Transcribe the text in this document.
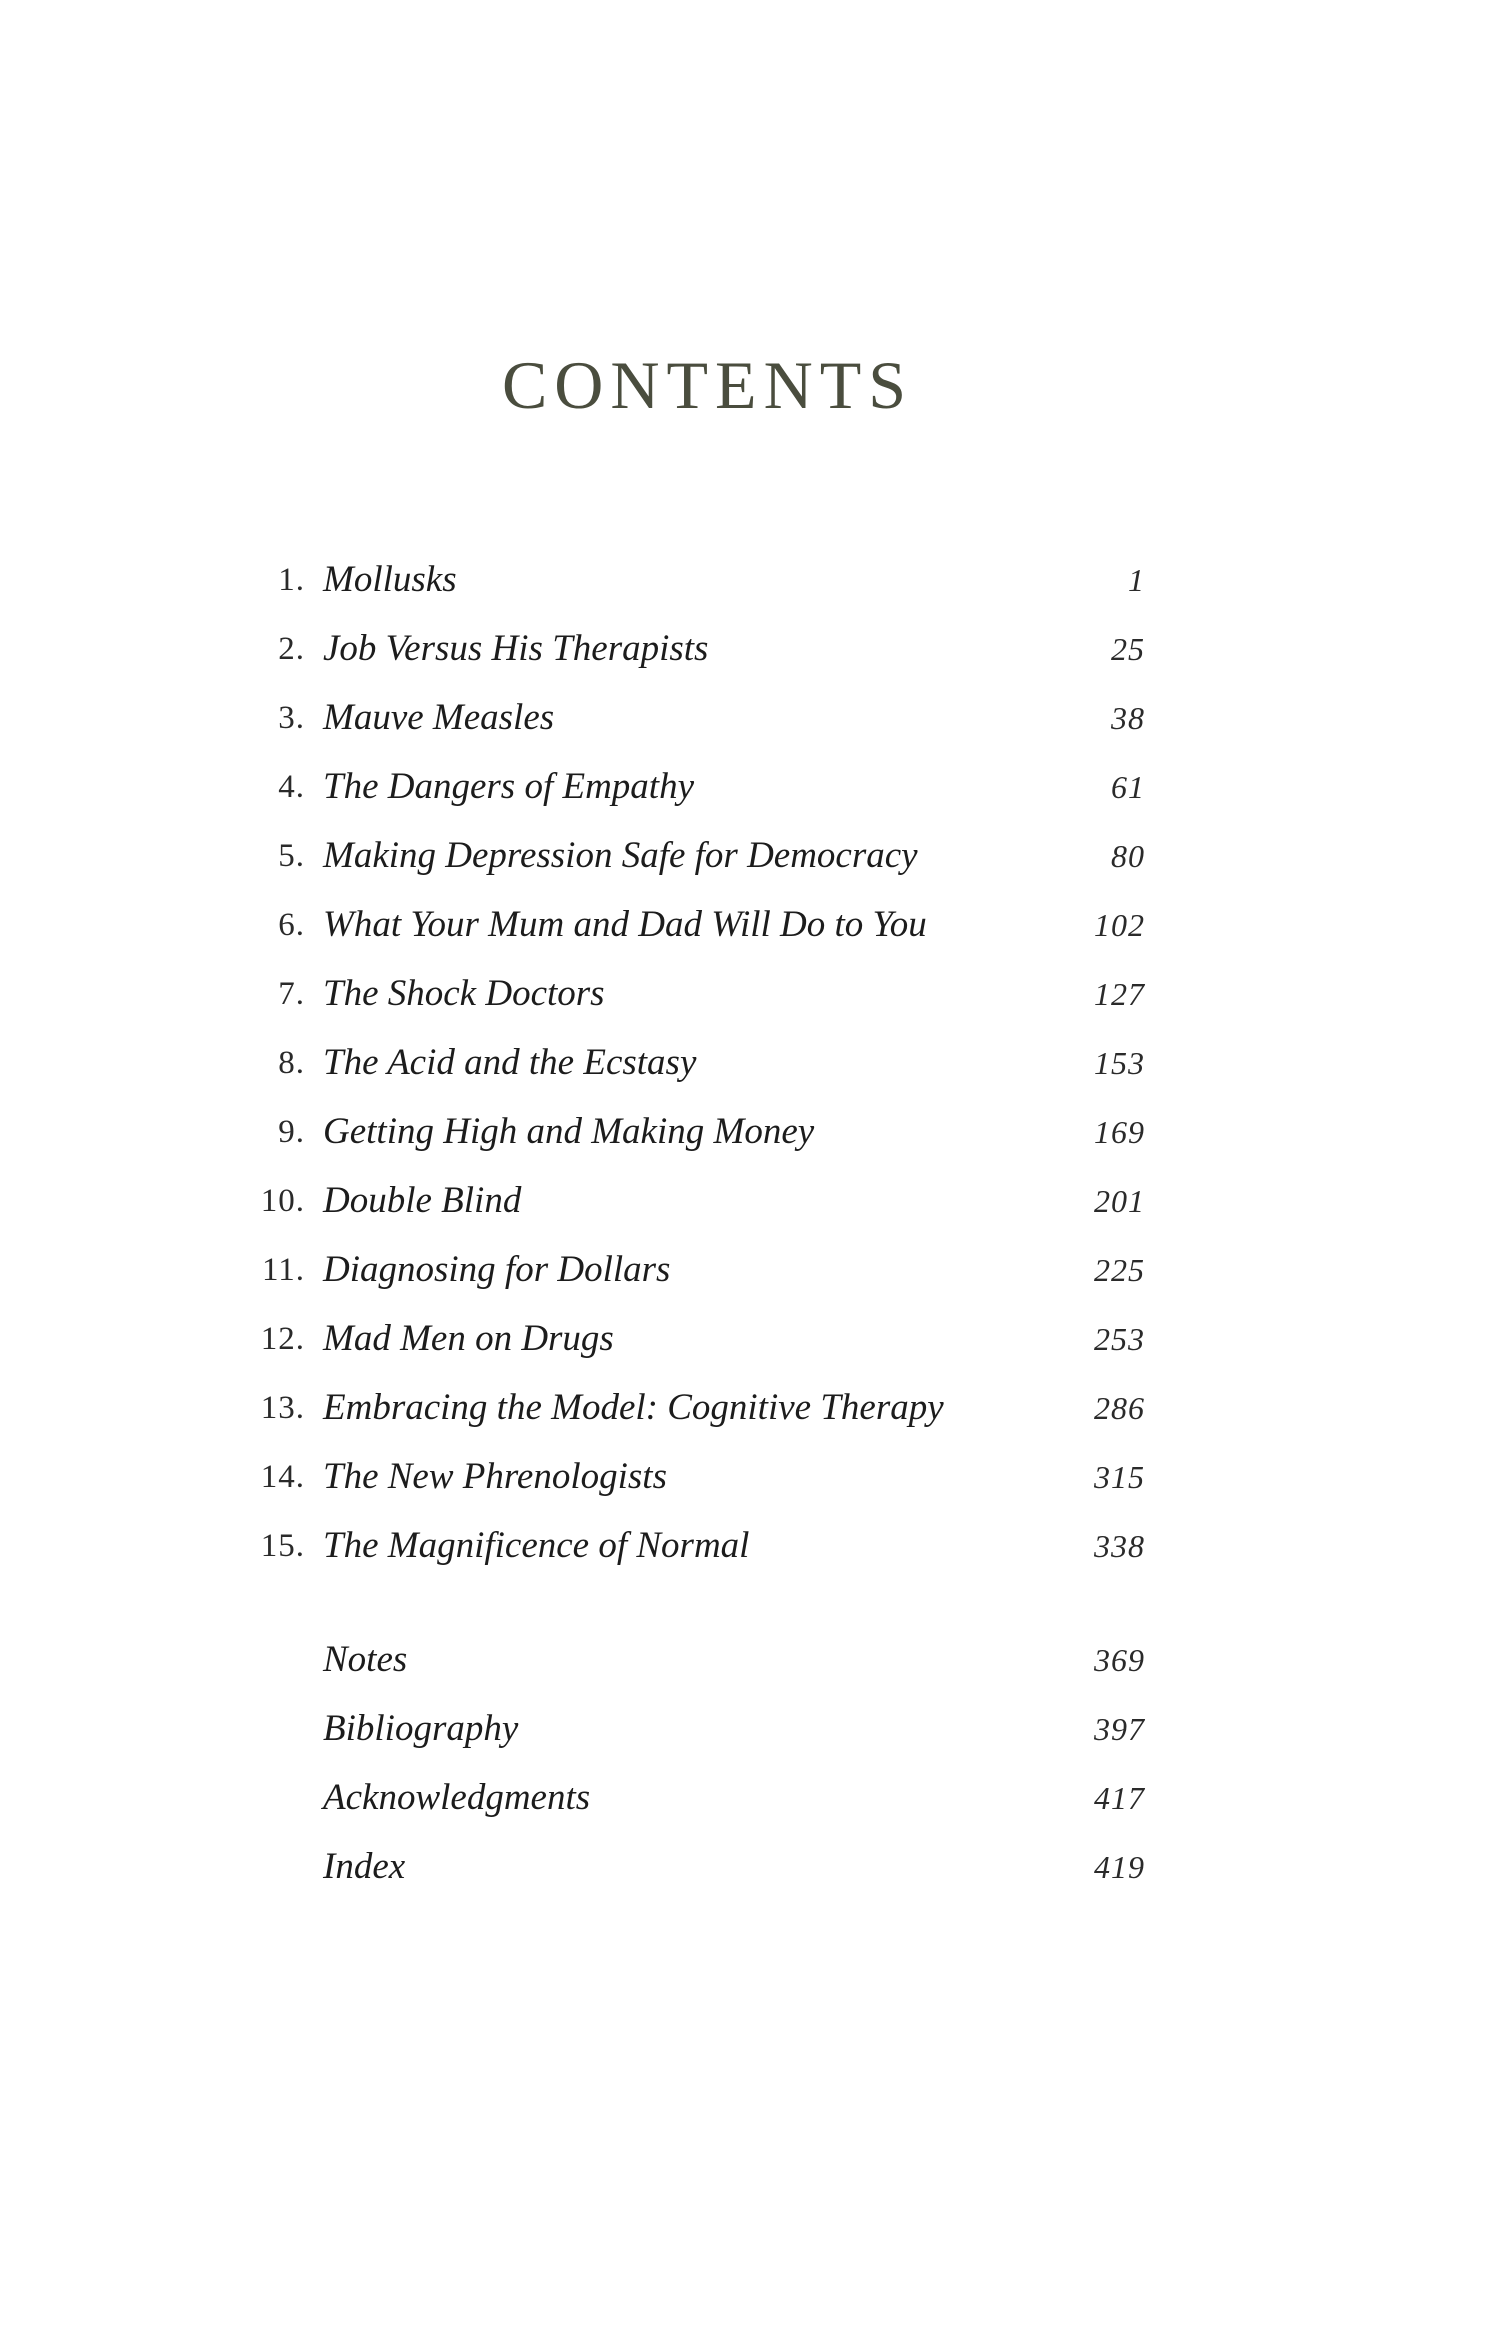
CONTENTS
1. Mollusks	1
2. Job Versus His Therapists	25
3. Mauve Measles	38
4. The Dangers of Empathy	61
5. Making Depression Safe for Democracy	80
6. What Your Mum and Dad Will Do to You	102
7. The Shock Doctors	127
8. The Acid and the Ecstasy	153
9. Getting High and Making Money	169
10. Double Blind	201
11. Diagnosing for Dollars	225
12. Mad Men on Drugs	253
13. Embracing the Model: Cognitive Therapy	286
14. The New Phrenologists	315
15. The Magnificence of Normal	338
Notes	369
Bibliography	397
Acknowledgments	417
Index	419
